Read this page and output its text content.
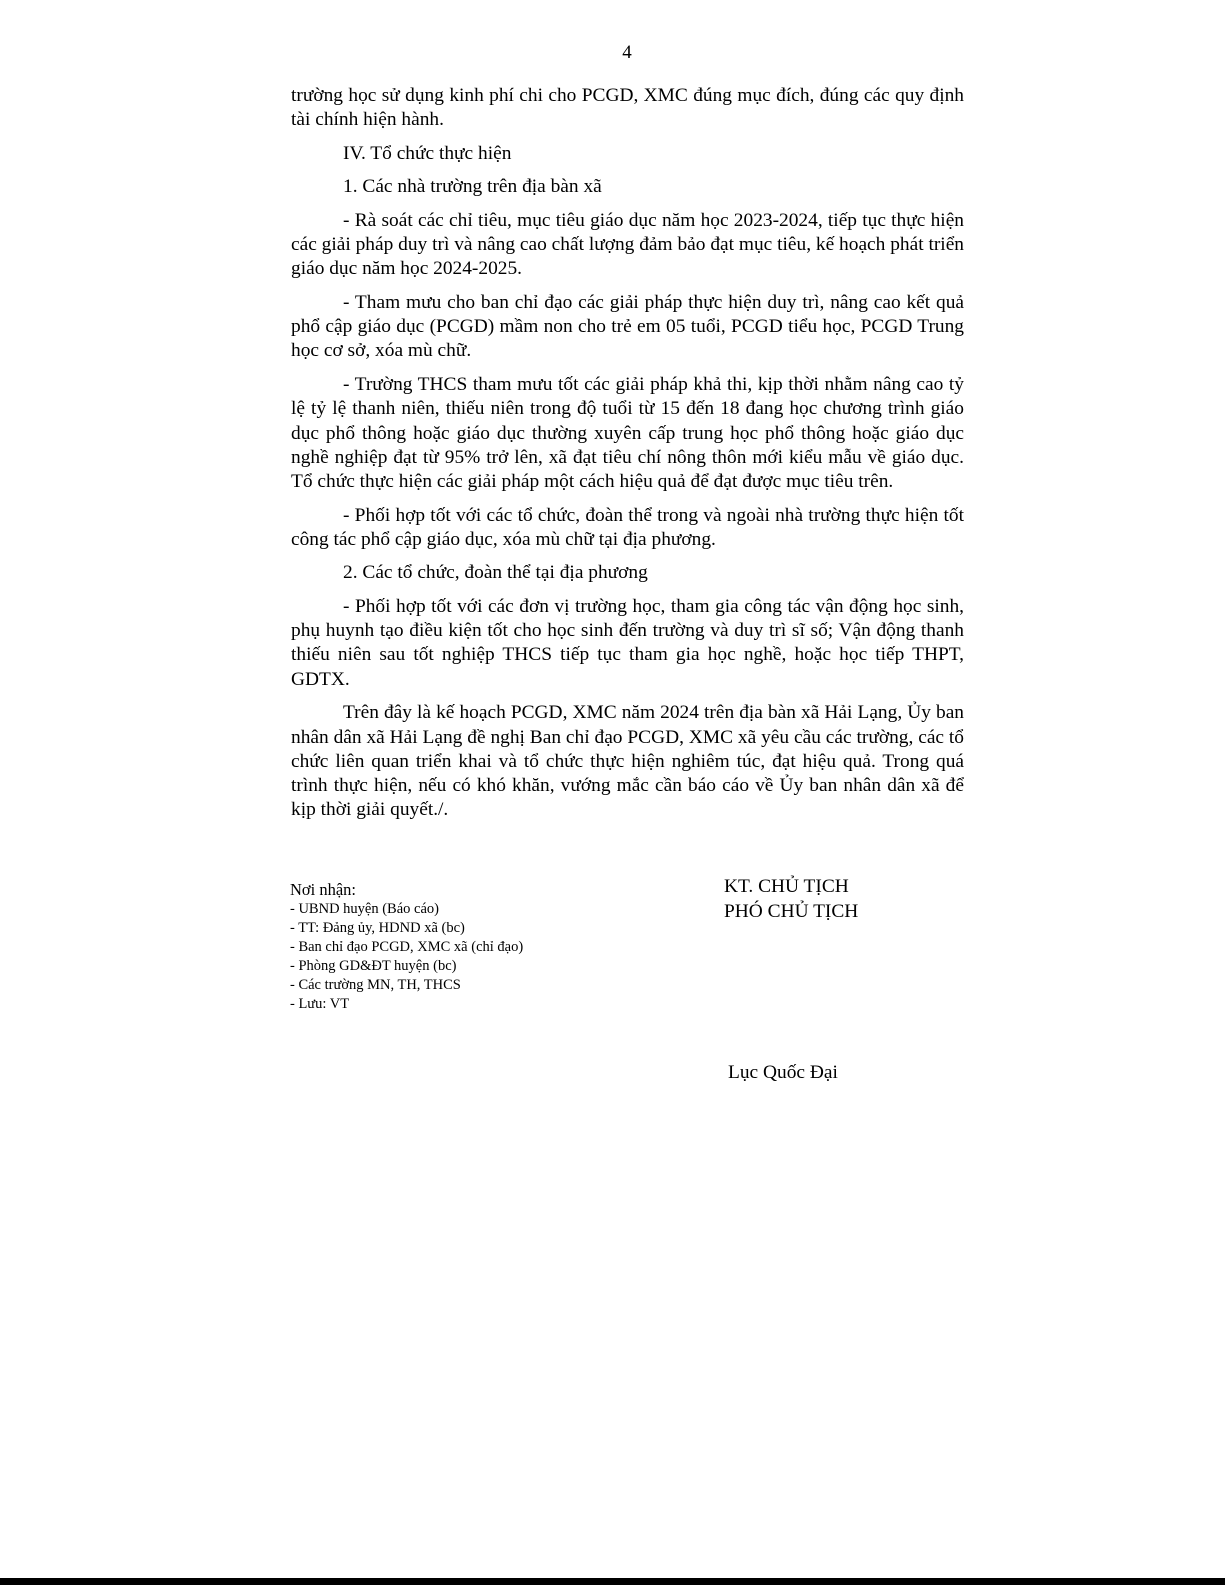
4

trường học sử dụng kinh phí chi cho PCGD, XMC đúng mục đích, đúng các quy định tài chính hiện hành.

IV. Tổ chức thực hiện

1. Các nhà trường trên địa bàn xã

- Rà soát các chỉ tiêu, mục tiêu giáo dục năm học 2023-2024, tiếp tục thực hiện các giải pháp duy trì và nâng cao chất lượng đảm bảo đạt mục tiêu, kế hoạch phát triển giáo dục năm học 2024-2025.

- Tham mưu cho ban chỉ đạo các giải pháp thực hiện duy trì, nâng cao kết quả phổ cập giáo dục (PCGD) mầm non cho trẻ em 05 tuổi, PCGD tiểu học, PCGD Trung học cơ sở, xóa mù chữ.

- Trường THCS tham mưu tốt các giải pháp khả thi, kịp thời nhằm nâng cao tỷ lệ tỷ lệ thanh niên, thiếu niên trong độ tuổi từ 15 đến 18 đang học chương trình giáo dục phổ thông hoặc giáo dục thường xuyên cấp trung học phổ thông hoặc giáo dục nghề nghiệp đạt từ 95% trở lên, xã đạt tiêu chí nông thôn mới kiểu mẫu về giáo dục. Tổ chức thực hiện các giải pháp một cách hiệu quả để đạt được mục tiêu trên.

- Phối hợp tốt với các tổ chức, đoàn thể trong và ngoài nhà trường thực hiện tốt công tác phổ cập giáo dục, xóa mù chữ tại địa phương.

2. Các tổ chức, đoàn thể tại địa phương

- Phối hợp tốt với các đơn vị trường học, tham gia công tác vận động học sinh, phụ huynh tạo điều kiện tốt cho học sinh đến trường và duy trì sĩ số; Vận động thanh thiếu niên sau tốt nghiệp THCS tiếp tục tham gia học nghề, hoặc học tiếp THPT, GDTX.

Trên đây là kế hoạch PCGD, XMC năm 2024 trên địa bàn xã Hải Lạng, Ủy ban nhân dân xã Hải Lạng đề nghị Ban chỉ đạo PCGD, XMC xã yêu cầu các trường, các tổ chức liên quan triển khai và tổ chức thực hiện nghiêm túc, đạt hiệu quả. Trong quá trình thực hiện, nếu có khó khăn, vướng mắc cần báo cáo về Ủy ban nhân dân xã để kịp thời giải quyết./.

Nơi nhận:
- UBND huyện (Báo cáo)
- TT: Đảng ủy, HDND xã (bc)
- Ban chỉ đạo PCGD, XMC xã (chỉ đạo)
- Phòng GD&ĐT huyện (bc)
- Các trường MN, TH, THCS
- Lưu: VT
KT. CHỦ TỊCH
PHÓ CHỦ TỊCH
Lục Quốc Đại
